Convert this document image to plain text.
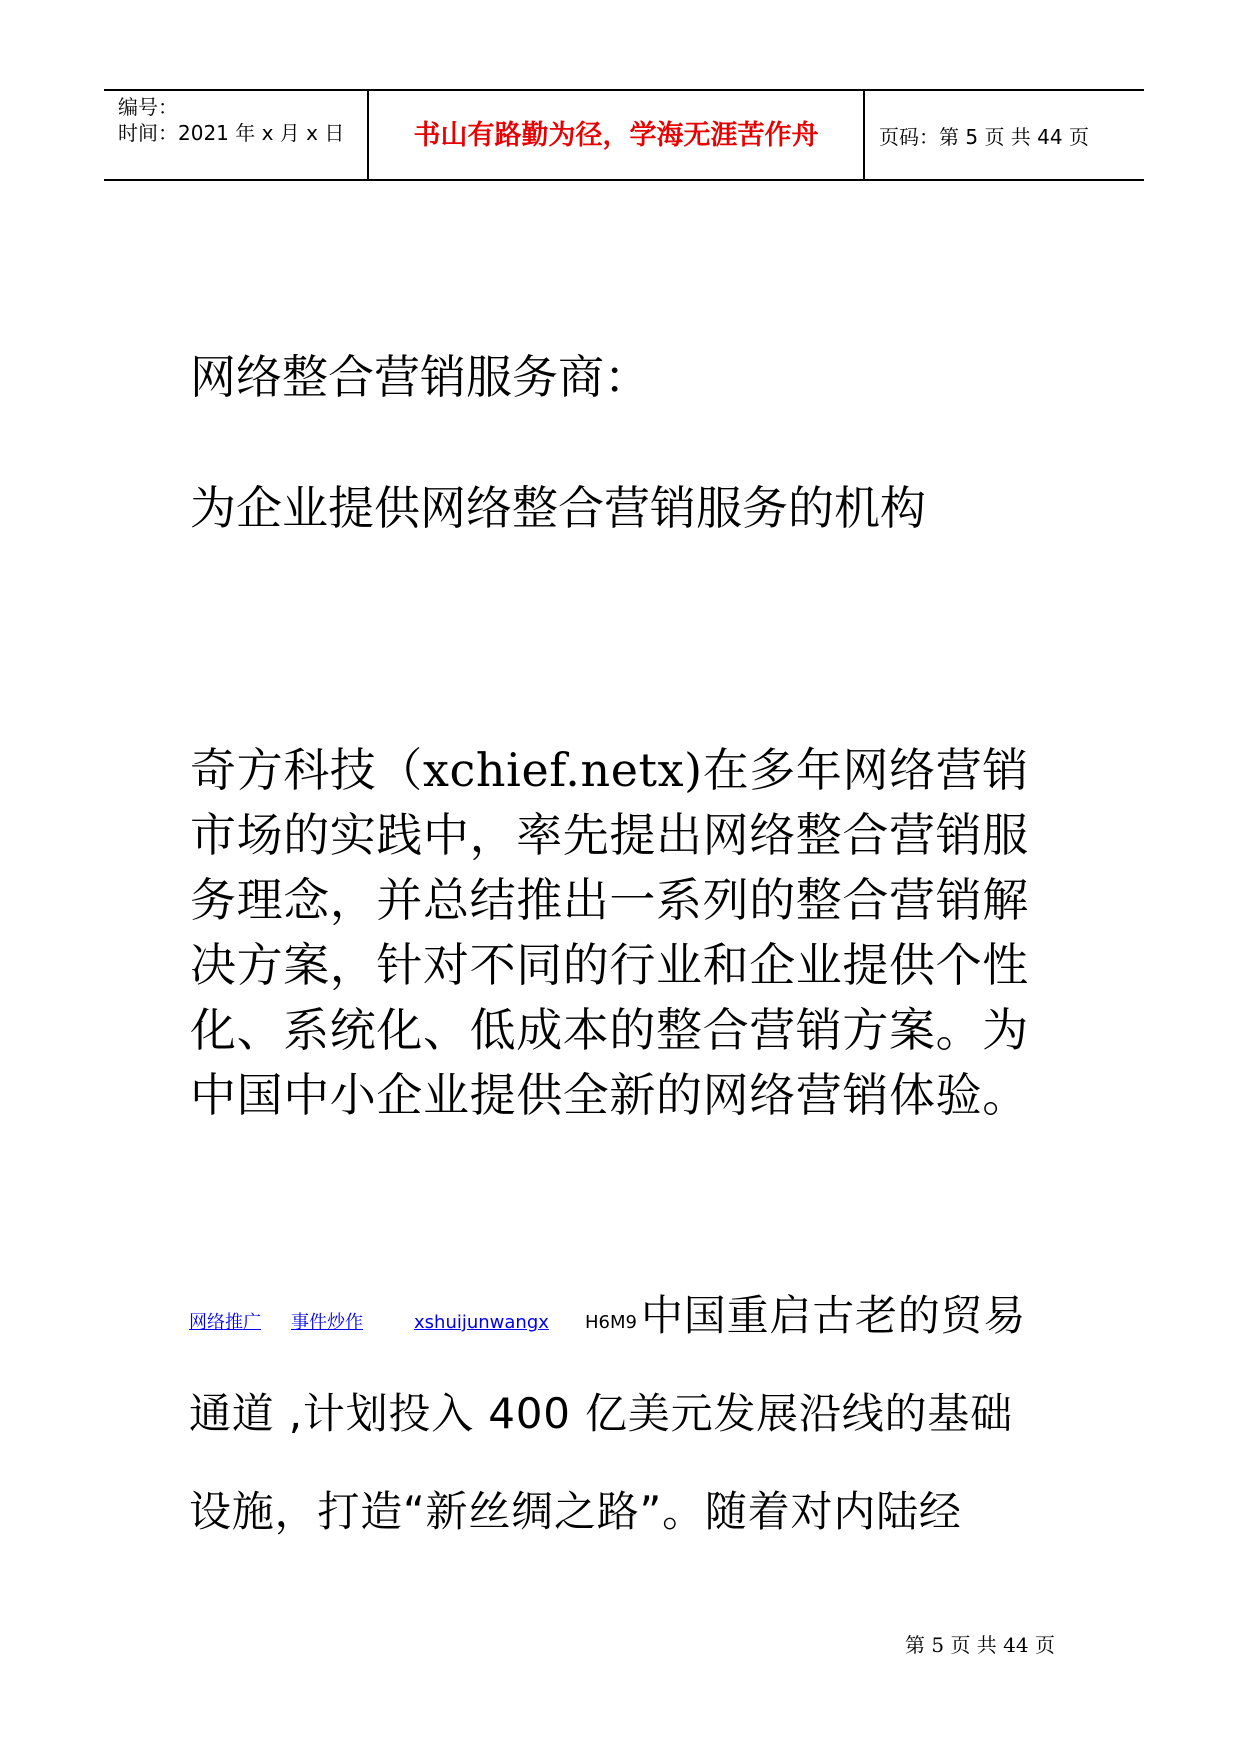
编号：
时间：2021 年 x 月 x 日	书山有路勤为径，学海无涯苦作舟	页码：第 5 页 共 44 页
网络整合营销服务商：
为企业提供网络整合营销服务的机构

奇方科技（xchief.netx)在多年网络营销市场的实践中，率先提出网络整合营销服务理念，并总结推出一系列的整合营销解决方案，针对不同的行业和企业提供个性化、系统化、低成本的整合营销方案。为中国中小企业提供全新的网络营销体验。

网络推广 事件炒作	xshuijunwangx H6M9 中国重启古老的贸易
通道 ,计划投入 400 亿美元发展沿线的基础
设施，打造“新丝绸之路”。随着对内陆经
第 5 页 共 44 页
